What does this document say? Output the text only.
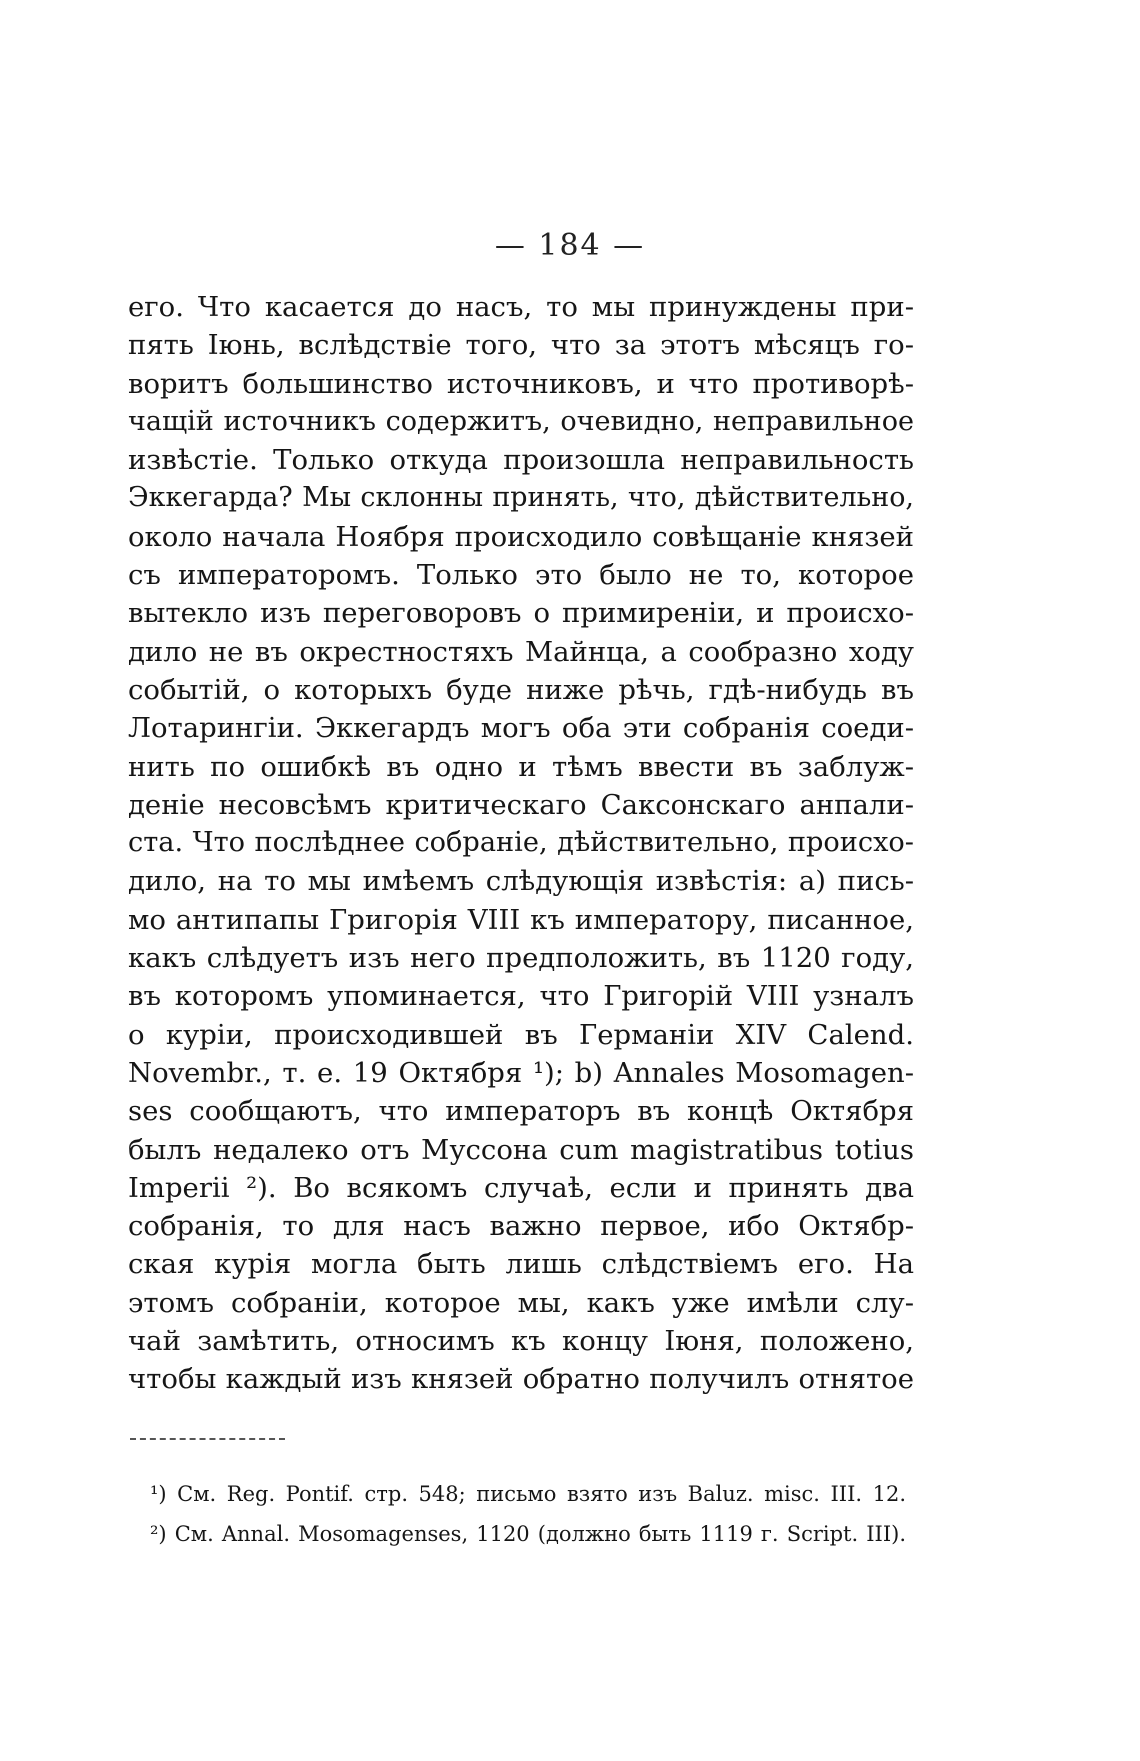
— 184 —
его. Что касается до насъ, то мы принуждены при-
пять Іюнь, вслѣдствіе того, что за этотъ мѣсяцъ го-
воритъ большинство источниковъ, и что противорѣ-
чащій источникъ содержитъ, очевидно, неправильное
извѣстіе. Только откуда произошла неправильность
Эккегарда? Мы склонны принять, что, дѣйствительно,
около начала Ноября происходило совѣщаніе князей
съ императоромъ. Только это было не то, которое
вытекло изъ переговоровъ о примиреніи, и происхо-
дило не въ окрестностяхъ Майнца, а сообразно ходу
событій, о которыхъ буде ниже рѣчь, гдѣ-нибудь въ
Лотарингіи. Эккегардъ могъ оба эти собранія соеди-
нить по ошибкѣ въ одно и тѣмъ ввести въ заблуж-
деніе несовсѣмъ критическаго Саксонскаго анпали-
ста. Что послѣднее собраніе, дѣйствительно, происхо-
дило, на то мы имѣемъ слѣдующія извѣстія: а) пись-
мо антипапы Григорія VIII къ императору, писанное,
какъ слѣдуетъ изъ него предположить, въ 1120 году,
въ которомъ упоминается, что Григорій VIII узналъ
о куріи, происходившей въ Германіи XIV Calend.
Novembr., т. е. 19 Октября ¹); b) Annales Mosomagen-
ses сообщаютъ, что императоръ въ концѣ Октября
былъ недалеко отъ Муссона cum magistratibus totius
Imperii ²). Во всякомъ случаѣ, если и принять два
собранія, то для насъ важно первое, ибо Октябр-
ская курія могла быть лишь слѣдствіемъ его. На
этомъ собраніи, которое мы, какъ уже имѣли слу-
чай замѣтить, относимъ къ концу Іюня, положено,
чтобы каждый изъ князей обратно получилъ отнятое
¹) См. Reg. Pontif. стр. 548; письмо взято изъ Baluz. misc. III. 12.
²) См. Annal. Mosomagenses, 1120 (должно быть 1119 г. Script. III).
